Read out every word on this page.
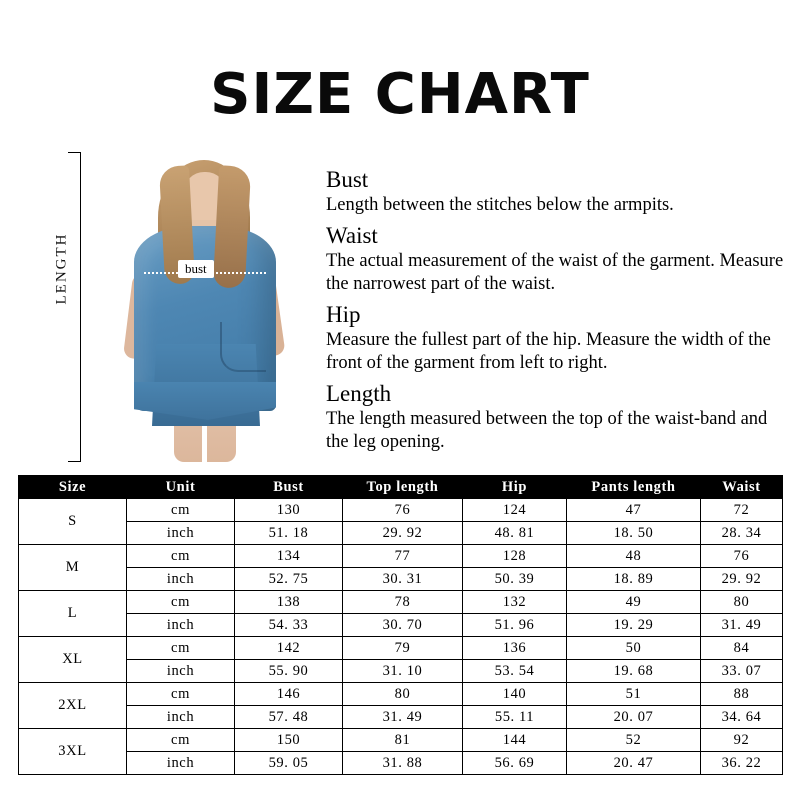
SIZE CHART
LENGTH	bust
Bust
Length between the stitches below the armpits.
Waist
The actual measurement of the waist of the garment. Measure the narrowest part of the waist.
Hip
Measure the fullest part of the hip. Measure the width of the front of the garment from left to right.
Length
The length measured between the top of the waist-band and the leg opening.
Size	Unit	Bust	Top length	Hip	Pants length	Waist
S	cm	130	76	124	47	72
	inch	51. 18	29. 92	48. 81	18. 50	28. 34
M	cm	134	77	128	48	76
	inch	52. 75	30. 31	50. 39	18. 89	29. 92
L	cm	138	78	132	49	80
	inch	54. 33	30. 70	51. 96	19. 29	31. 49
XL	cm	142	79	136	50	84
	inch	55. 90	31. 10	53. 54	19. 68	33. 07
2XL	cm	146	80	140	51	88
	inch	57. 48	31. 49	55. 11	20. 07	34. 64
3XL	cm	150	81	144	52	92
	inch	59. 05	31. 88	56. 69	20. 47	36. 22
